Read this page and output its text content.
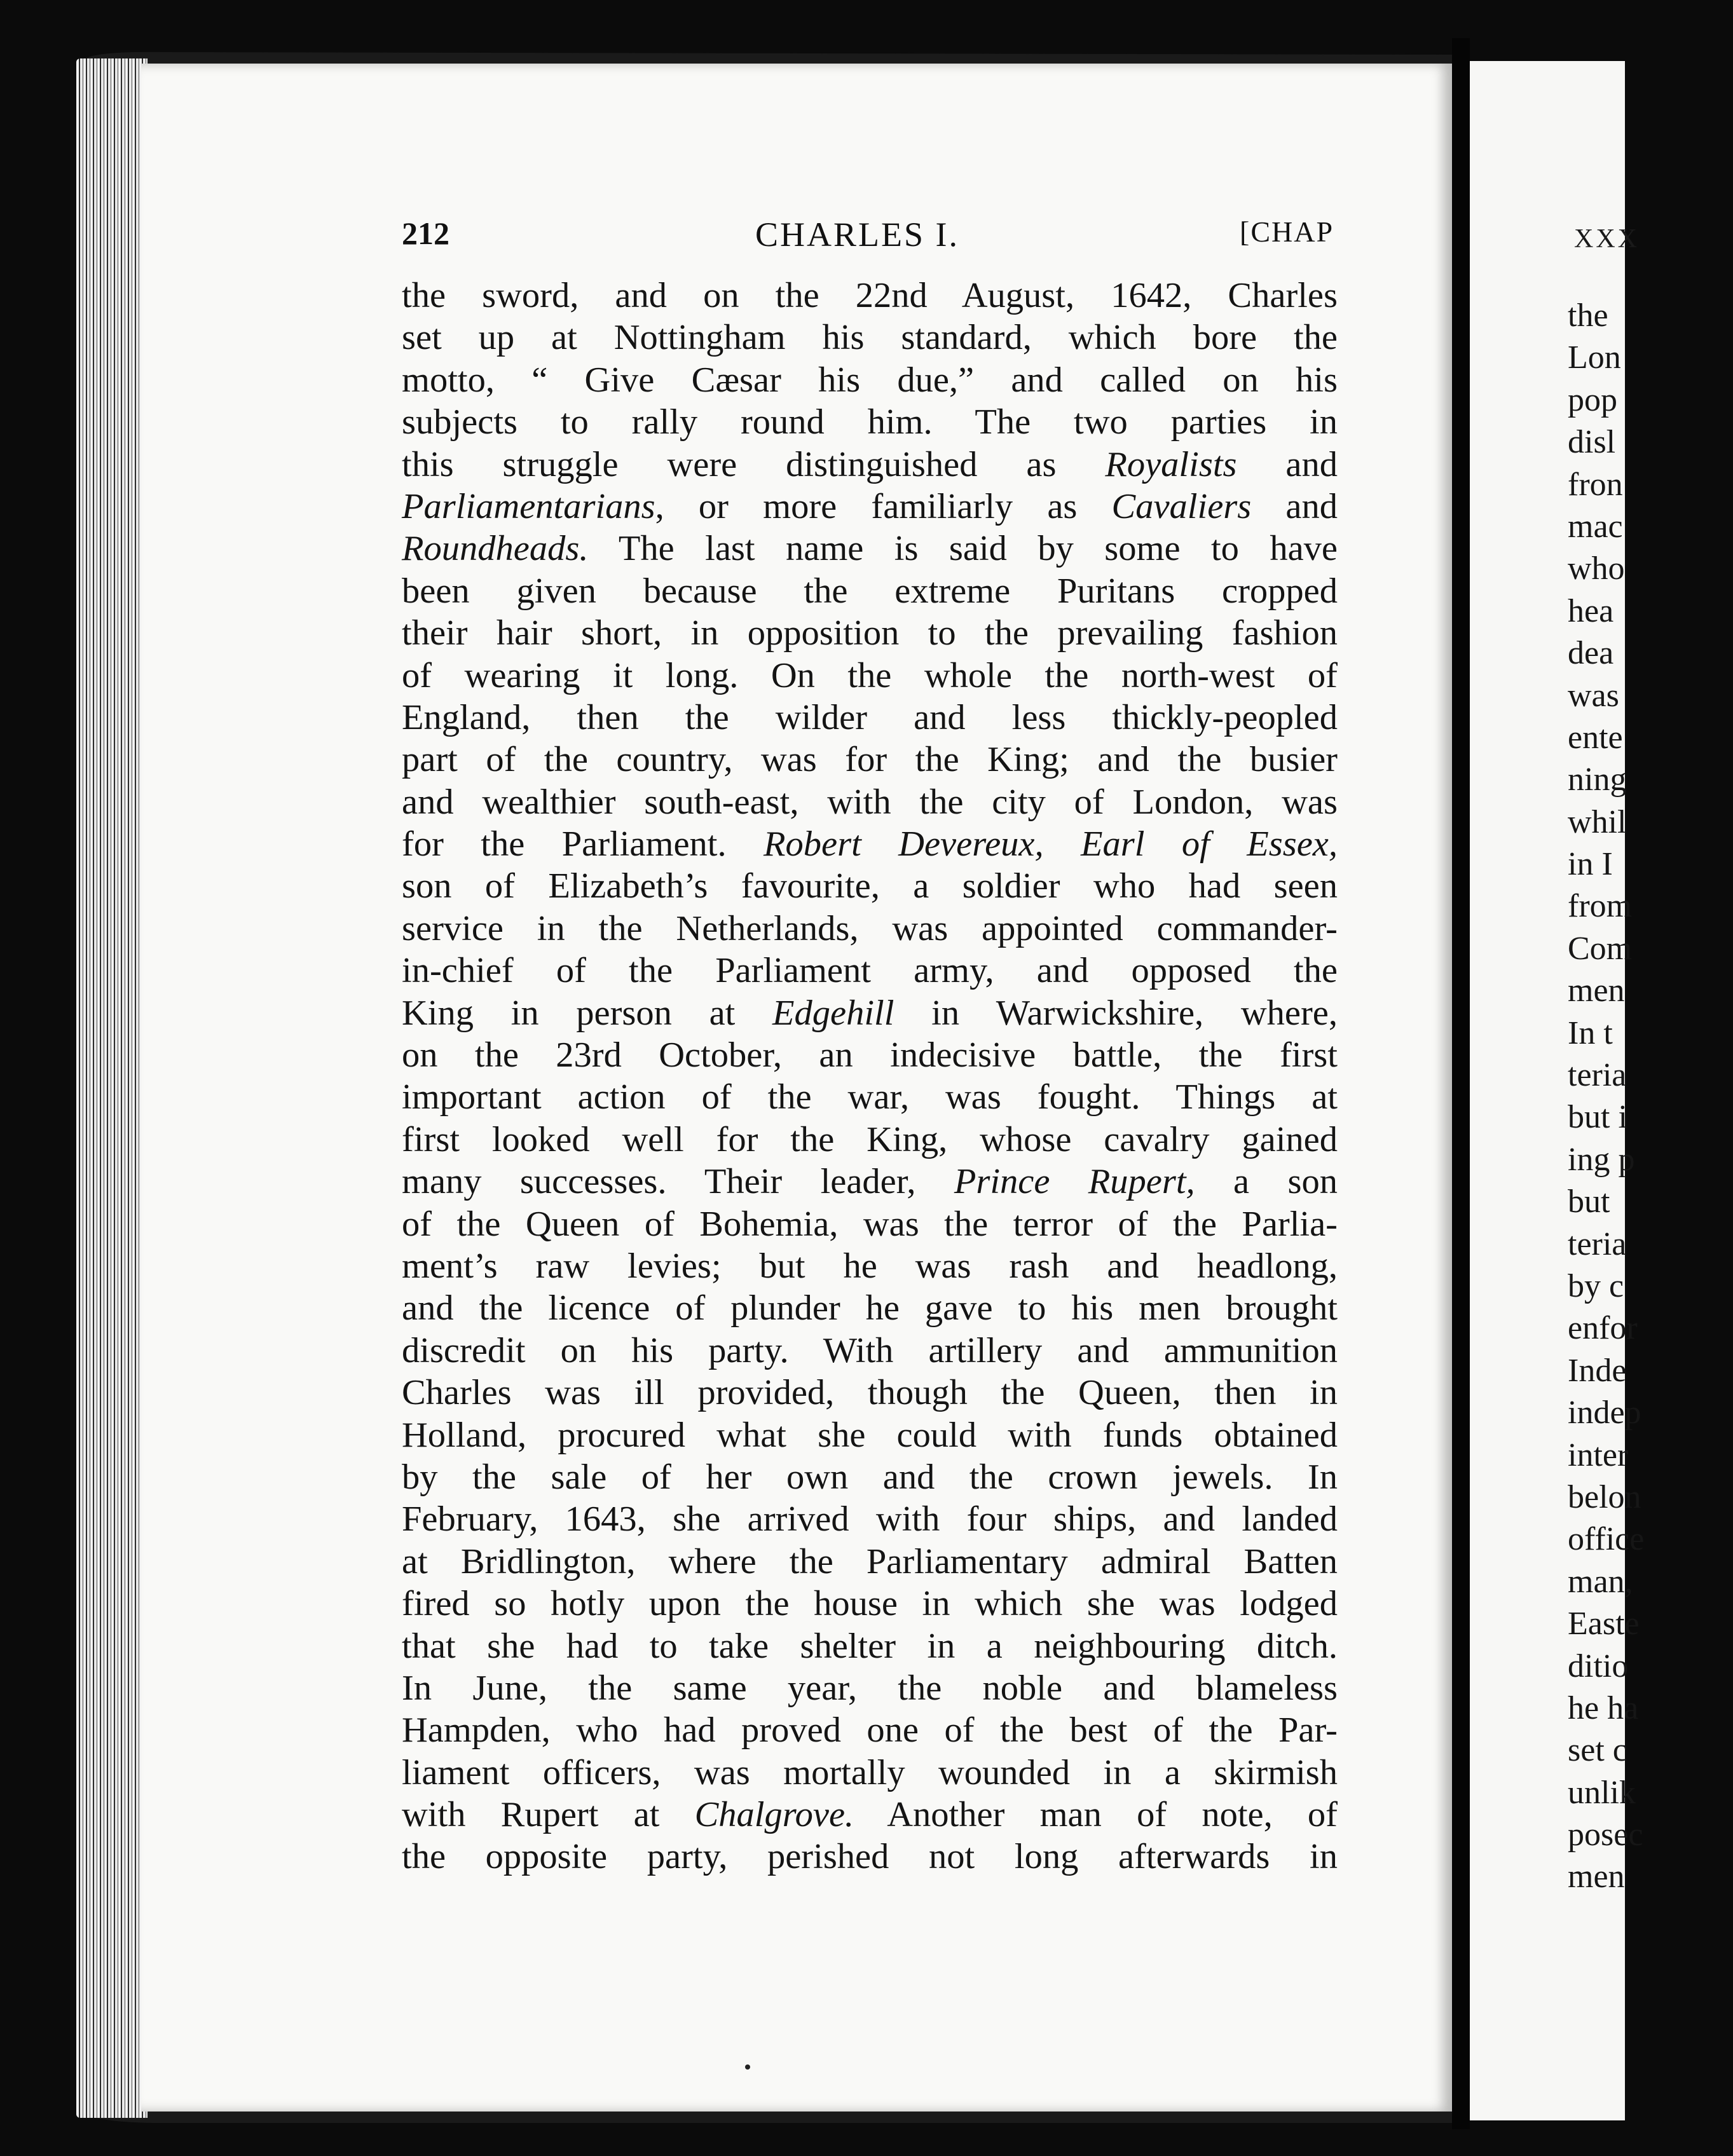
212	CHARLES I.	[CHAP
the sword, and on the 22nd August, 1642, Charles
set up at Nottingham his standard, which bore the
motto, “ Give Cæsar his due,” and called on his
subjects to rally round him. The two parties in
this struggle were distinguished as Royalists and
Parliamentarians, or more familiarly as Cavaliers and
Roundheads. The last name is said by some to have
been given because the extreme Puritans cropped
their hair short, in opposition to the prevailing fashion
of wearing it long. On the whole the north-west of
England, then the wilder and less thickly-peopled
part of the country, was for the King; and the busier
and wealthier south-east, with the city of London, was
for the Parliament. Robert Devereux, Earl of Essex,
son of Elizabeth’s favourite, a soldier who had seen
service in the Netherlands, was appointed commander-
in-chief of the Parliament army, and opposed the
King in person at Edgehill in Warwickshire, where,
on the 23rd October, an indecisive battle, the first
important action of the war, was fought. Things at
first looked well for the King, whose cavalry gained
many successes. Their leader, Prince Rupert, a son
of the Queen of Bohemia, was the terror of the Parlia-
ment’s raw levies; but he was rash and headlong,
and the licence of plunder he gave to his men brought
discredit on his party. With artillery and ammunition
Charles was ill provided, though the Queen, then in
Holland, procured what she could with funds obtained
by the sale of her own and the crown jewels. In
February, 1643, she arrived with four ships, and landed
at Bridlington, where the Parliamentary admiral Batten
fired so hotly upon the house in which she was lodged
that she had to take shelter in a neighbouring ditch.
In June, the same year, the noble and blameless
Hampden, who had proved one of the best of the Par-
liament officers, was mortally wounded in a skirmish
with Rupert at Chalgrove. Another man of note, of
the opposite party, perished not long afterwards in
XXX
the
Lon
pop
disl
fron
mac
who
hea
dea
was
ente
ning
whil
in I
from
Com
men
In t
teria
but i
ing p
but
teria
by c
enfor
Inde
indep
inter
belon
office
man,
Easte
ditio
he ha
set c
unlik
posec
men
